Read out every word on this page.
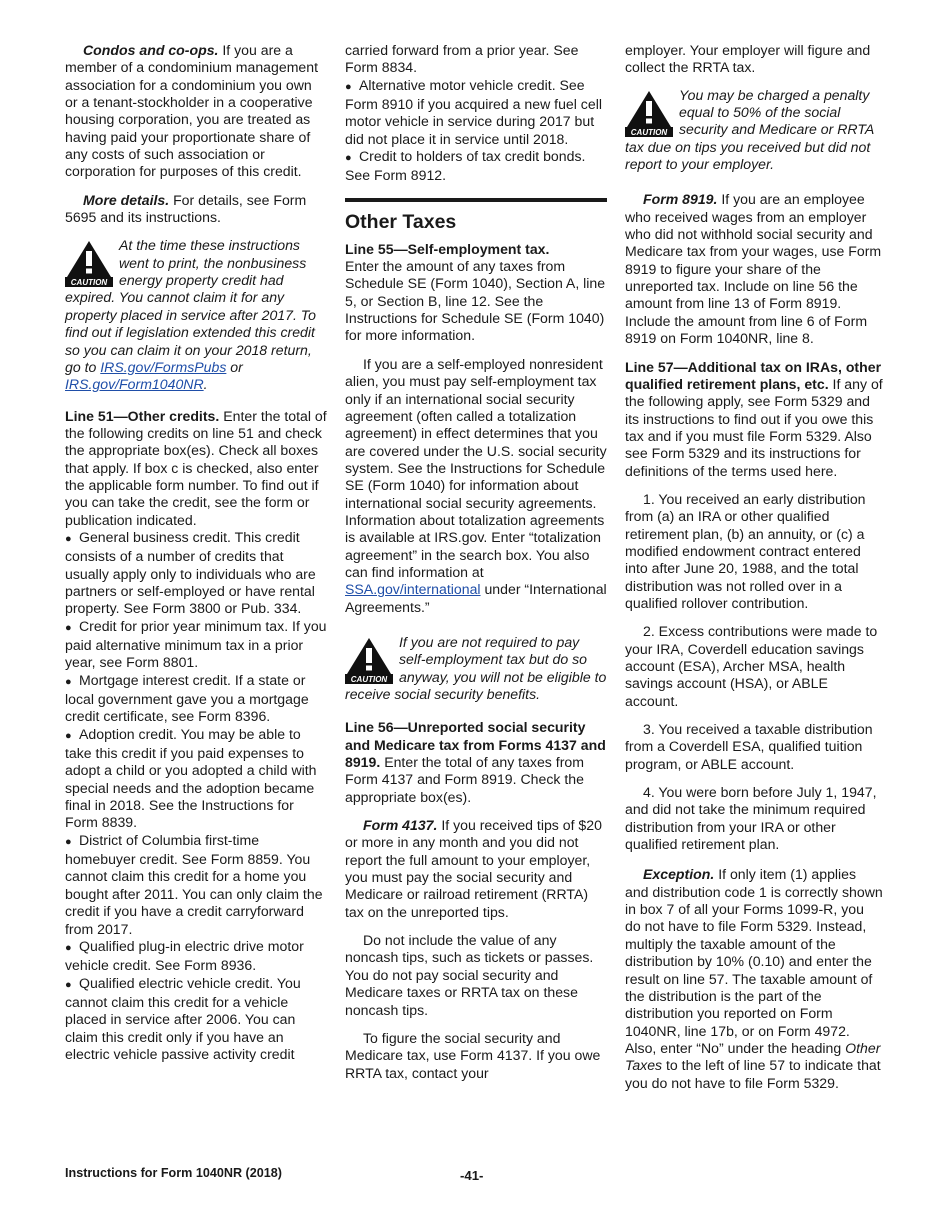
Condos and co-ops. If you are a member of a condominium management association for a condominium you own or a tenant-stockholder in a cooperative housing corporation, you are treated as having paid your proportionate share of any costs of such association or corporation for purposes of this credit.

More details. For details, see Form 5695 and its instructions.

CAUTION
At the time these instructions went to print, the nonbusiness energy property credit had expired. You cannot claim it for any property placed in service after 2017. To find out if legislation extended this credit so you can claim it on your 2018 return, go to IRS.gov/FormsPubs or IRS.gov/Form1040NR.

Line 51—Other credits. Enter the total of the following credits on line 51 and check the appropriate box(es). Check all boxes that apply. If box c is checked, also enter the applicable form number. To find out if you can take the credit, see the form or publication indicated.

● General business credit. This credit consists of a number of credits that usually apply only to individuals who are partners or self-employed or have rental property. See Form 3800 or Pub. 334.
● Credit for prior year minimum tax. If you paid alternative minimum tax in a prior year, see Form 8801.
● Mortgage interest credit. If a state or local government gave you a mortgage credit certificate, see Form 8396.
● Adoption credit. You may be able to take this credit if you paid expenses to adopt a child or you adopted a child with special needs and the adoption became final in 2018. See the Instructions for Form 8839.
● District of Columbia first-time homebuyer credit. See Form 8859. You cannot claim this credit for a home you bought after 2011. You can only claim the credit if you have a credit carryforward from 2017.
● Qualified plug-in electric drive motor vehicle credit. See Form 8936.
● Qualified electric vehicle credit. You cannot claim this credit for a vehicle placed in service after 2006. You can claim this credit only if you have an electric vehicle passive activity credit
carried forward from a prior year. See Form 8834.
● Alternative motor vehicle credit. See Form 8910 if you acquired a new fuel cell motor vehicle in service during 2017 but did not place it in service until 2018.
● Credit to holders of tax credit bonds. See Form 8912.
Other Taxes

Line 55—Self-employment tax.
Enter the amount of any taxes from Schedule SE (Form 1040), Section A, line 5, or Section B, line 12. See the Instructions for Schedule SE (Form 1040) for more information.

If you are a self-employed nonresident alien, you must pay self-employment tax only if an international social security agreement (often called a totalization agreement) in effect determines that you are covered under the U.S. social security system. See the Instructions for Schedule SE (Form 1040) for information about international social security agreements. Information about totalization agreements is available at IRS.gov. Enter “totalization agreement” in the search box. You also can find information at SSA.gov/international under “International Agreements.”

CAUTION
If you are not required to pay self-employment tax but do so anyway, you will not be eligible to receive social security benefits.

Line 56—Unreported social security and Medicare tax from Forms 4137 and 8919. Enter the total of any taxes from Form 4137 and Form 8919. Check the appropriate box(es).

Form 4137. If you received tips of $20 or more in any month and you did not report the full amount to your employer, you must pay the social security and Medicare or railroad retirement (RRTA) tax on the unreported tips.

Do not include the value of any noncash tips, such as tickets or passes. You do not pay social security and Medicare taxes or RRTA tax on these noncash tips.

To figure the social security and Medicare tax, use Form 4137. If you owe RRTA tax, contact your

employer. Your employer will figure and collect the RRTA tax.

CAUTION
You may be charged a penalty equal to 50% of the social security and Medicare or RRTA tax due on tips you received but did not report to your employer.

Form 8919. If you are an employee who received wages from an employer who did not withhold social security and Medicare tax from your wages, use Form 8919 to figure your share of the unreported tax. Include on line 56 the amount from line 13 of Form 8919. Include the amount from line 6 of Form 8919 on Form 1040NR, line 8.

Line 57—Additional tax on IRAs, other qualified retirement plans, etc. If any of the following apply, see Form 5329 and its instructions to find out if you owe this tax and if you must file Form 5329. Also see Form 5329 and its instructions for definitions of the terms used here.

1. You received an early distribution from (a) an IRA or other qualified retirement plan, (b) an annuity, or (c) a modified endowment contract entered into after June 20, 1988, and the total distribution was not rolled over in a qualified rollover contribution.

2. Excess contributions were made to your IRA, Coverdell education savings account (ESA), Archer MSA, health savings account (HSA), or ABLE account.

3. You received a taxable distribution from a Coverdell ESA, qualified tuition program, or ABLE account.

4. You were born before July 1, 1947, and did not take the minimum required distribution from your IRA or other qualified retirement plan.

Exception. If only item (1) applies and distribution code 1 is correctly shown in box 7 of all your Forms 1099-R, you do not have to file Form 5329. Instead, multiply the taxable amount of the distribution by 10% (0.10) and enter the result on line 57. The taxable amount of the distribution is the part of the distribution you reported on Form 1040NR, line 17b, or on Form 4972. Also, enter “No” under the heading Other Taxes to the left of line 57 to indicate that you do not have to file Form 5329.

Instructions for Form 1040NR (2018)	-41-
